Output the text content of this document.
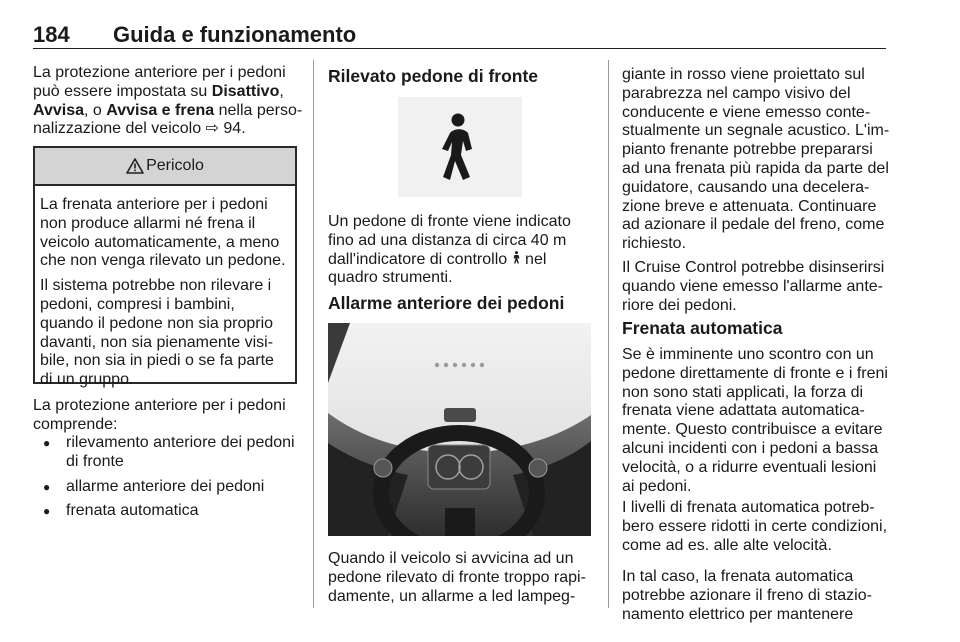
184 Guida e funzionamento
La protezione anteriore per i pedoni
può essere impostata su Disattivo,
Avvisa, o Avvisa e frena nella perso-
nalizzazione del veicolo ⇨ 94.
Pericolo

La frenata anteriore per i pedoni
non produce allarmi né frena il
veicolo automaticamente, a meno
che non venga rilevato un pedone.

Il sistema potrebbe non rilevare i
pedoni, compresi i bambini,
quando il pedone non sia proprio
davanti, non sia pienamente visi-
bile, non sia in piedi o se fa parte
di un gruppo.

La protezione anteriore per i pedoni
comprende:
● rilevamento anteriore dei pedoni
di fronte
● allarme anteriore dei pedoni
● frenata automatica
Rilevato pedone di fronte
Un pedone di fronte viene indicato
fino ad una distanza di circa 40 m
dall'indicatore di controllo  nel
quadro strumenti.
Allarme anteriore dei pedoni
Quando il veicolo si avvicina ad un
pedone rilevato di fronte troppo rapi-
damente, un allarme a led lampeg-
giante in rosso viene proiettato sul
parabrezza nel campo visivo del
conducente e viene emesso conte-
stualmente un segnale acustico. L'im-
pianto frenante potrebbe prepararsi
ad una frenata più rapida da parte del
guidatore, causando una decelera-
zione breve e attenuata. Continuare
ad azionare il pedale del freno, come
richiesto.
Il Cruise Control potrebbe disinserirsi
quando viene emesso l'allarme ante-
riore dei pedoni.
Frenata automatica
Se è imminente uno scontro con un
pedone direttamente di fronte e i freni
non sono stati applicati, la forza di
frenata viene adattata automatica-
mente. Questo contribuisce a evitare
alcuni incidenti con i pedoni a bassa
velocità, o a ridurre eventuali lesioni
ai pedoni.
I livelli di frenata automatica potreb-
bero essere ridotti in certe condizioni,
come ad es. alle alte velocità.
In tal caso, la frenata automatica
potrebbe azionare il freno di stazio-
namento elettrico per mantenere
